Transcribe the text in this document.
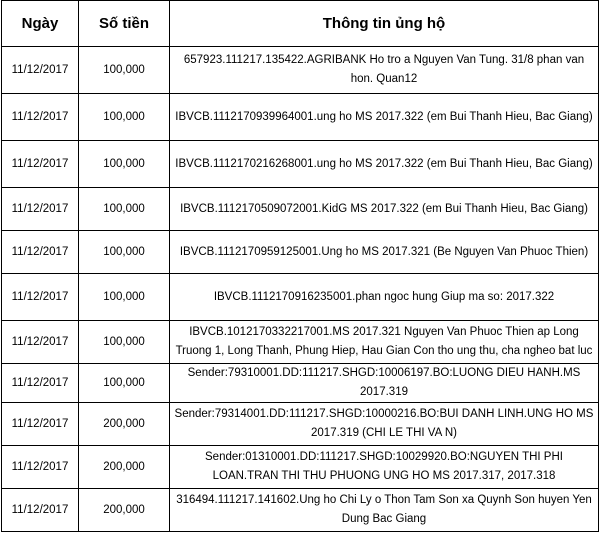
Ngày	Số tiền	Thông tin ủng hộ
11/12/2017	100,000	657923.111217.135422.AGRIBANK Ho tro a Nguyen Van Tung. 31/8 phan van hon. Quan12
11/12/2017	100,000	IBVCB.1112170939964001.ung ho MS 2017.322 (em Bui Thanh Hieu, Bac Giang)
11/12/2017	100,000	IBVCB.1112170216268001.ung ho MS 2017.322 (em Bui Thanh Hieu, Bac Giang)
11/12/2017	100,000	IBVCB.1112170509072001.KidG MS 2017.322 (em Bui Thanh Hieu, Bac Giang)
11/12/2017	100,000	IBVCB.1112170959125001.Ung ho MS 2017.321 (Be Nguyen Van Phuoc Thien)
11/12/2017	100,000	IBVCB.1112170916235001.phan ngoc hung Giup ma so: 2017.322
11/12/2017	100,000	IBVCB.1012170332217001.MS 2017.321 Nguyen Van Phuoc Thien ap Long Truong 1, Long Thanh, Phung Hiep, Hau Gian Con tho ung thu, cha ngheo bat luc
11/12/2017	100,000	Sender:79310001.DD:111217.SHGD:10006197.BO:LUONG DIEU HANH.MS 2017.319
11/12/2017	200,000	Sender:79314001.DD:111217.SHGD:10000216.BO:BUI DANH LINH.UNG HO MS 2017.319 (CHI LE THI VA N)
11/12/2017	200,000	Sender:01310001.DD:111217.SHGD:10029920.BO:NGUYEN THI PHI LOAN.TRAN THI THU PHUONG UNG HO MS 2017.317, 2017.318
11/12/2017	200,000	316494.111217.141602.Ung ho Chi Ly o Thon Tam Son xa Quynh Son huyen Yen Dung Bac Giang
